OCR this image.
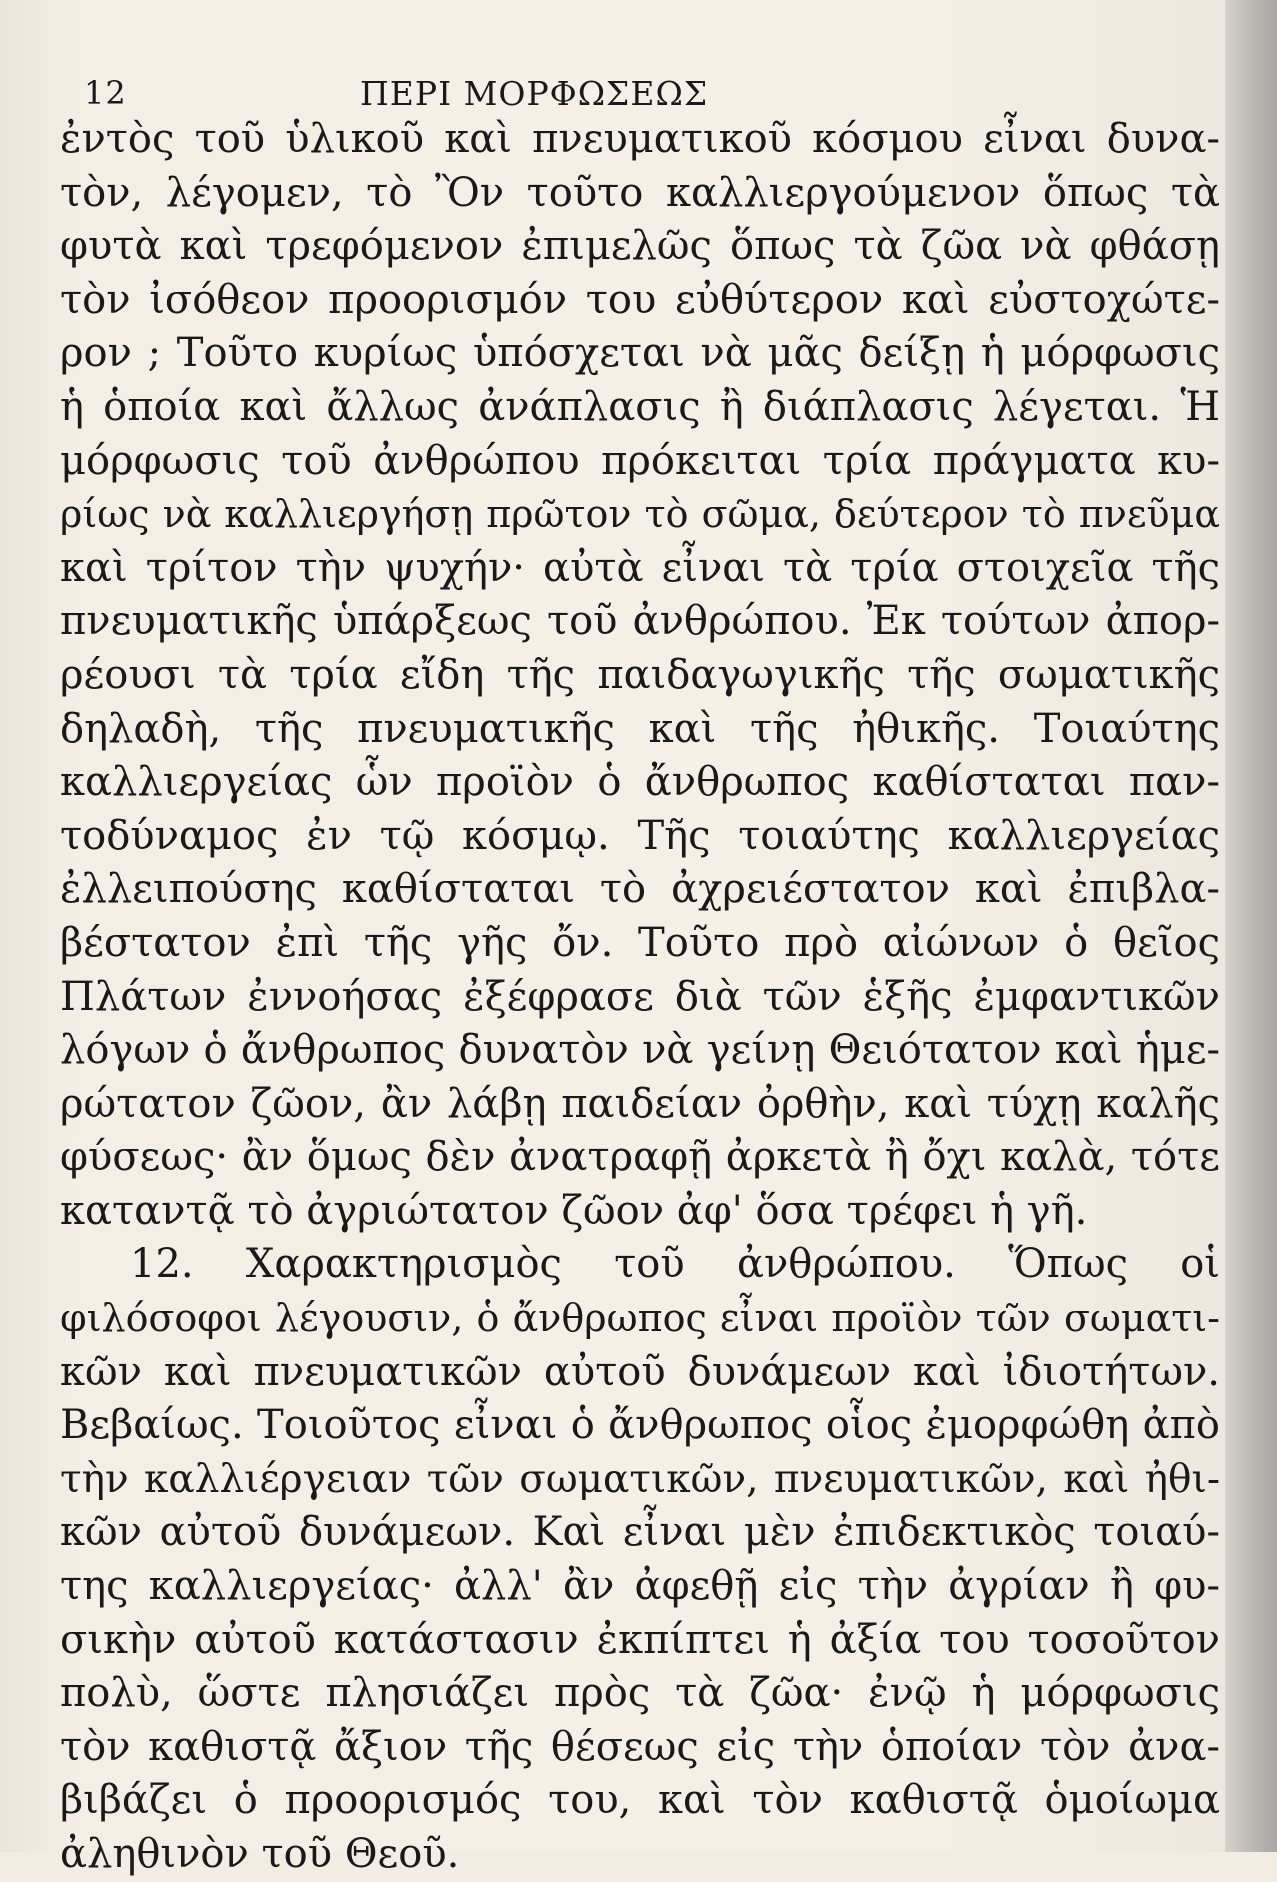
12	ΠΕΡΙ ΜΟΡΦΩΣΕΩΣ
ἐντὸς τοῦ ὑλικοῦ καὶ πνευματικοῦ κόσμου εἶναι δυνα-
τὸν, λέγομεν, τὸ Ὂν τοῦτο καλλιεργούμενον ὅπως τὰ
φυτὰ καὶ τρεφόμενον ἐπιμελῶς ὅπως τὰ ζῶα νὰ φθάσῃ
τὸν ἰσόθεον προορισμόν του εὐθύτερον καὶ εὐστοχώτε-
ρον ; Τοῦτο κυρίως ὑπόσχεται νὰ μᾶς δείξῃ ἡ μόρφωσις
ἡ ὁποία καὶ ἄλλως ἀνάπλασις ἢ διάπλασις λέγεται. Ἡ
μόρφωσις τοῦ ἀνθρώπου πρόκειται τρία πράγματα κυ-
ρίως νὰ καλλιεργήσῃ πρῶτον τὸ σῶμα, δεύτερον τὸ πνεῦμα
καὶ τρίτον τὴν ψυχήν· αὐτὰ εἶναι τὰ τρία στοιχεῖα τῆς
πνευματικῆς ὑπάρξεως τοῦ ἀνθρώπου. Ἐκ τούτων ἀπορ-
ρέουσι τὰ τρία εἴδη τῆς παιδαγωγικῆς τῆς σωματικῆς
δηλαδὴ, τῆς πνευματικῆς καὶ τῆς ἠθικῆς. Τοιαύτης
καλλιεργείας ὧν προϊὸν ὁ ἄνθρωπος καθίσταται παν-
τοδύναμος ἐν τῷ κόσμῳ. Τῆς τοιαύτης καλλιεργείας
ἐλλειπούσης καθίσταται τὸ ἀχρειέστατον καὶ ἐπιβλα-
βέστατον ἐπὶ τῆς γῆς ὄν. Τοῦτο πρὸ αἰώνων ὁ θεῖος
Πλάτων ἐννοήσας ἐξέφρασε διὰ τῶν ἑξῆς ἐμφαντικῶν
λόγων ὁ ἄνθρωπος δυνατὸν νὰ γείνῃ Θειότατον καὶ ἡμε-
ρώτατον ζῶον, ἂν λάβῃ παιδείαν ὀρθὴν, καὶ τύχῃ καλῆς
φύσεως· ἂν ὅμως δὲν ἀνατραφῇ ἀρκετὰ ἢ ὄχι καλὰ, τότε
καταντᾷ τὸ ἀγριώτατον ζῶον ἀφ' ὅσα τρέφει ἡ γῆ.
12. Χαρακτηρισμὸς τοῦ ἀνθρώπου. Ὅπως οἱ
φιλόσοφοι λέγουσιν, ὁ ἄνθρωπος εἶναι προϊὸν τῶν σωματι-
κῶν καὶ πνευματικῶν αὐτοῦ δυνάμεων καὶ ἰδιοτήτων.
Βεβαίως. Τοιοῦτος εἶναι ὁ ἄνθρωπος οἷος ἐμορφώθη ἀπὸ
τὴν καλλιέργειαν τῶν σωματικῶν, πνευματικῶν, καὶ ἠθι-
κῶν αὐτοῦ δυνάμεων. Καὶ εἶναι μὲν ἐπιδεκτικὸς τοιαύ-
της καλλιεργείας· ἀλλ' ἂν ἀφεθῇ εἰς τὴν ἀγρίαν ἢ φυ-
σικὴν αὐτοῦ κατάστασιν ἐκπίπτει ἡ ἀξία του τοσοῦτον
πολὺ, ὥστε πλησιάζει πρὸς τὰ ζῶα· ἐνῷ ἡ μόρφωσις
τὸν καθιστᾷ ἄξιον τῆς θέσεως εἰς τὴν ὁποίαν τὸν ἀνα-
βιβάζει ὁ προορισμός του, καὶ τὸν καθιστᾷ ὁμοίωμα
ἀληθινὸν τοῦ Θεοῦ.
